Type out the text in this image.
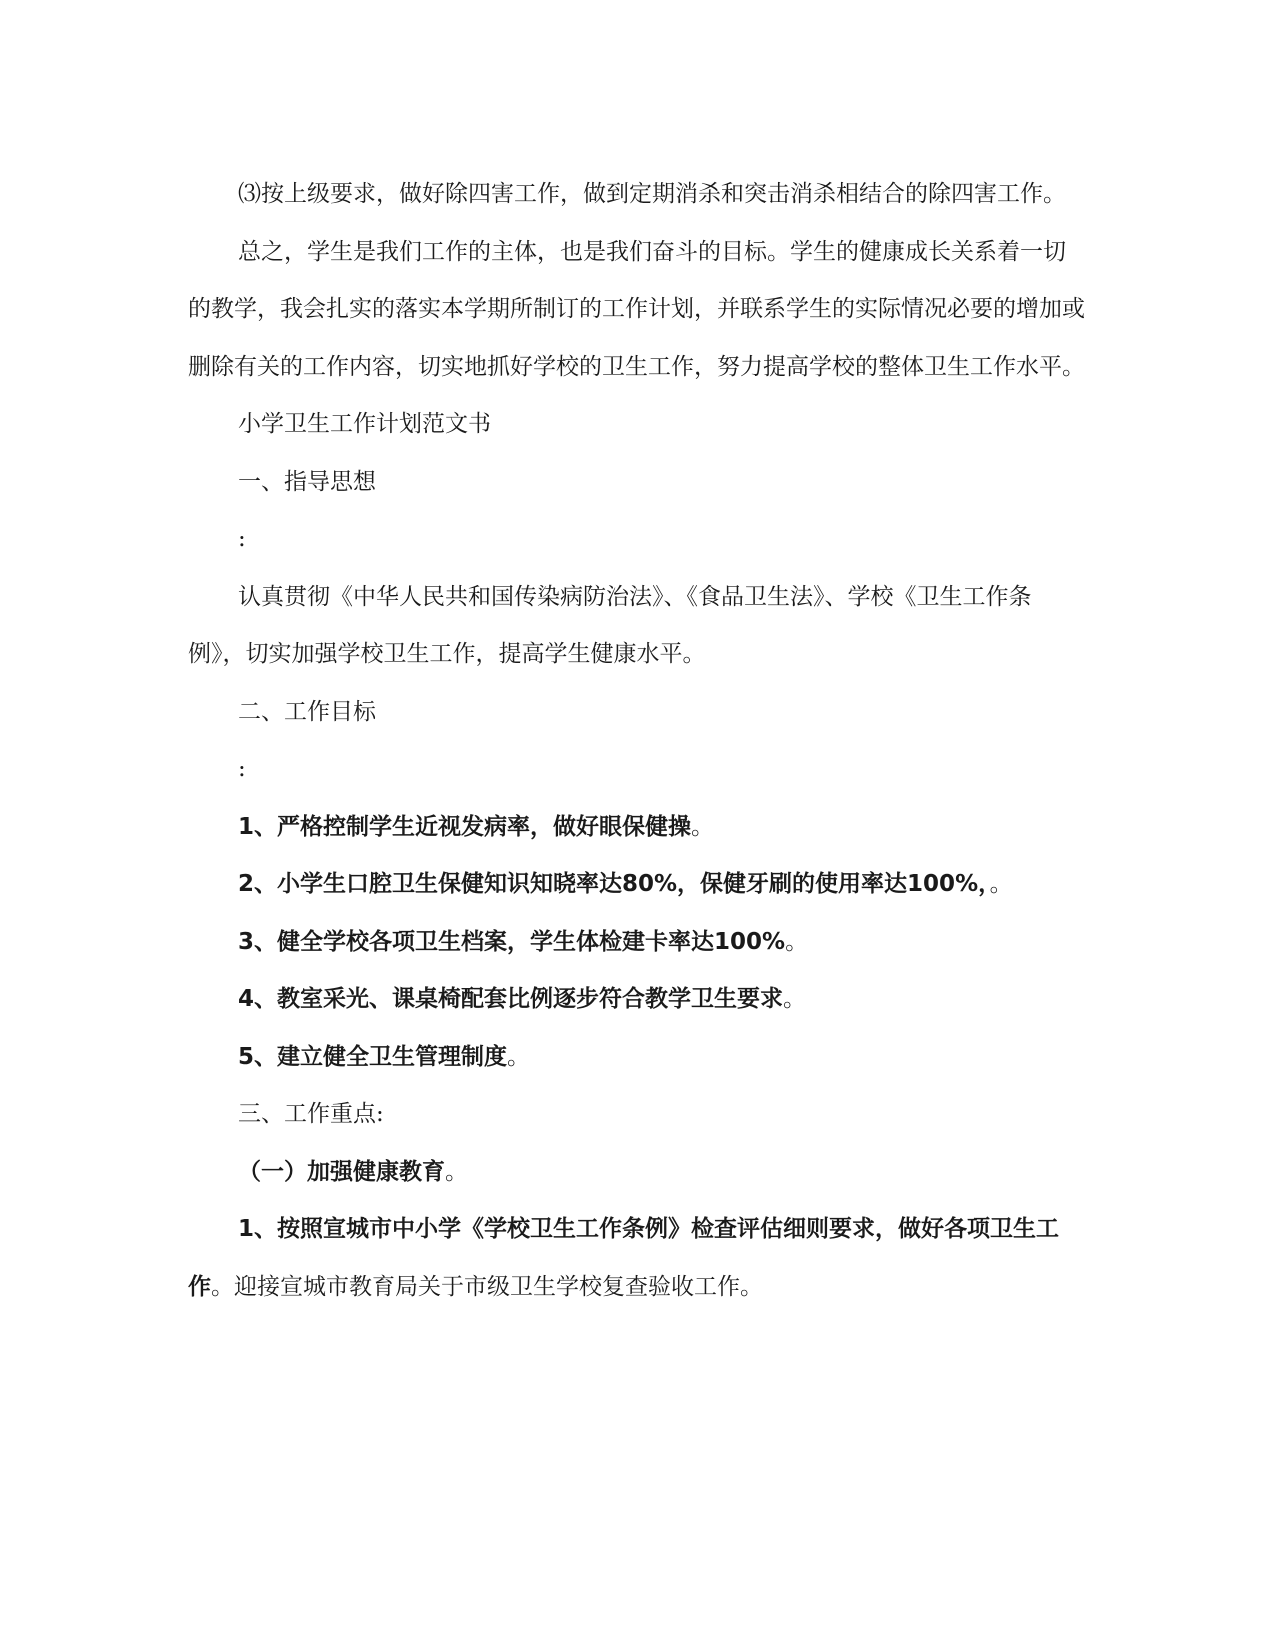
⑶按上级要求，做好除四害工作，做到定期消杀和突击消杀相结合的除四害工作。

总之，学生是我们工作的主体，也是我们奋斗的目标。学生的健康成长关系着一切的教学，我会扎实的落实本学期所制订的工作计划，并联系学生的实际情况必要的增加或删除有关的工作内容，切实地抓好学校的卫生工作，努力提高学校的整体卫生工作水平。

小学卫生工作计划范文书

一、指导思想

:

认真贯彻《中华人民共和国传染病防治法》、《食品卫生法》、学校《卫生工作条例》，切实加强学校卫生工作，提高学生健康水平。

二、工作目标

:

1、严格控制学生近视发病率，做好眼保健操。

2、小学生口腔卫生保健知识知晓率达80%，保健牙刷的使用率达100%，。

3、健全学校各项卫生档案，学生体检建卡率达100%。

4、教室采光、课桌椅配套比例逐步符合教学卫生要求。

5、建立健全卫生管理制度。

三、工作重点:

（一）加强健康教育。

1、按照宣城市中小学《学校卫生工作条例》检查评估细则要求，做好各项卫生工作。迎接宣城市教育局关于市级卫生学校复查验收工作。
